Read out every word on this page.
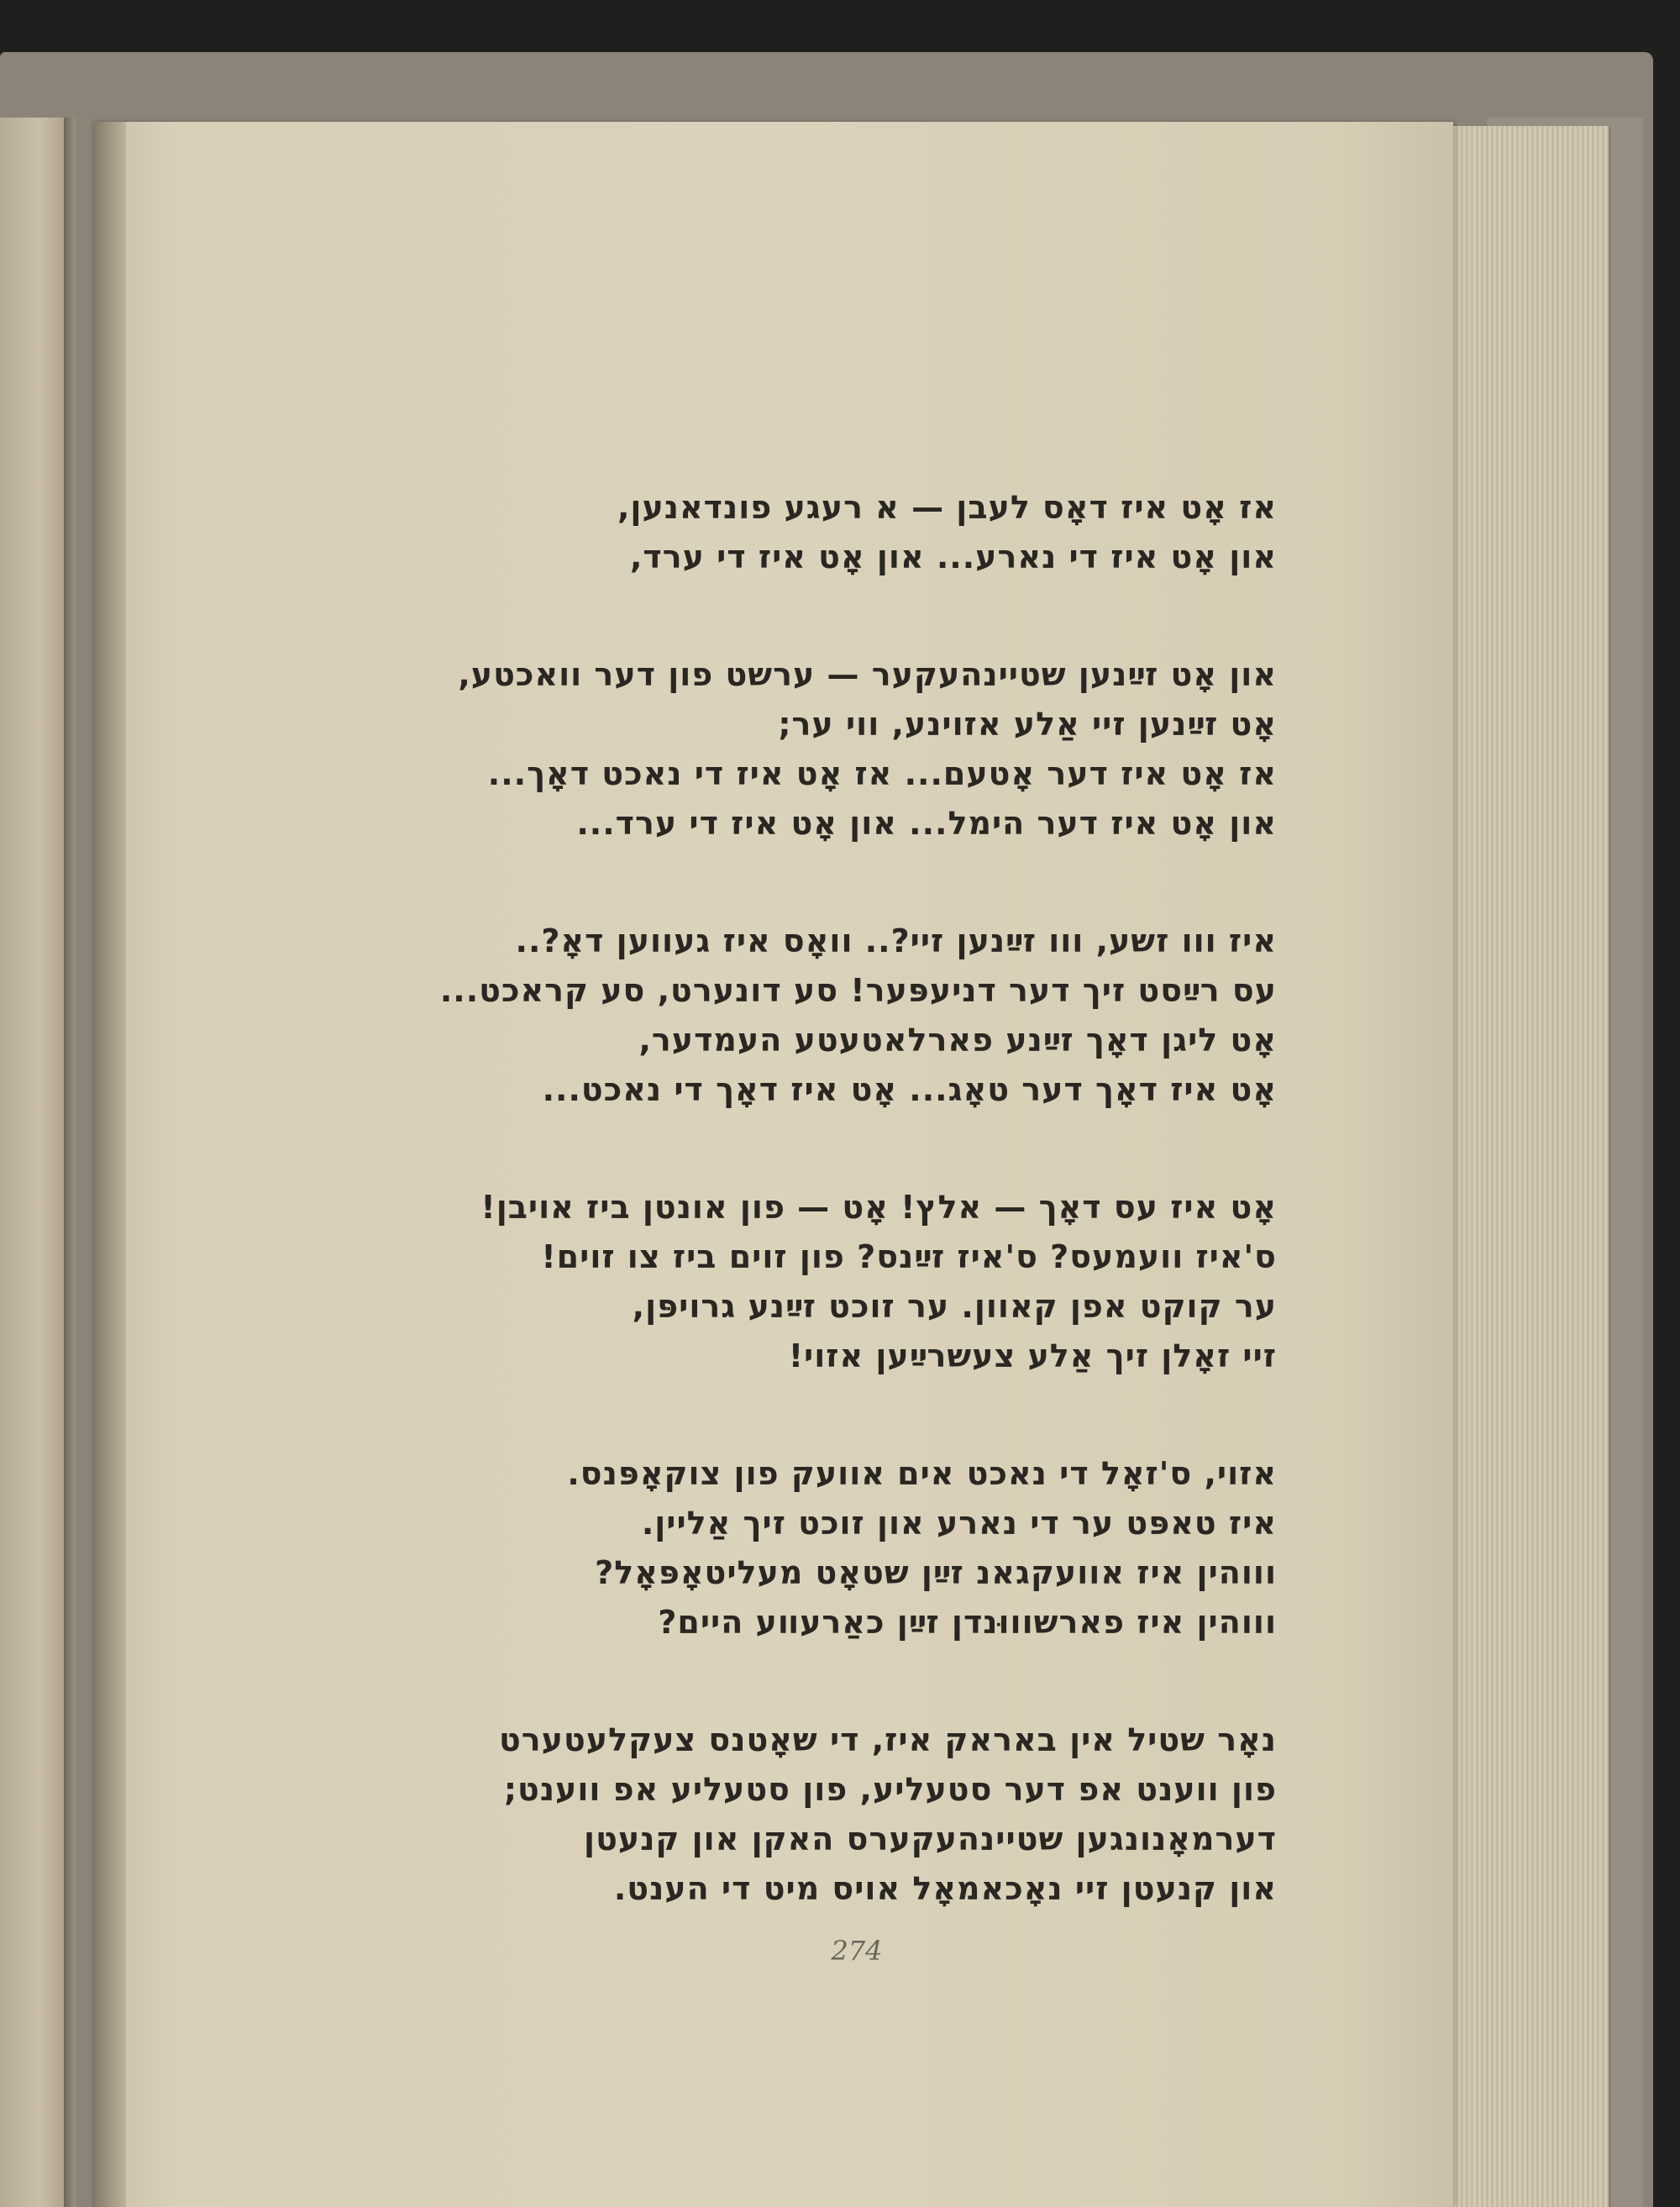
אז אָט איז דאָס לעבן — א רעגע פונדאנען,
און אָט איז די נארע... און אָט איז די ערד,
און אָט זײַנען שטיינהעקער — ערשט פון דער וואכטע,
אָט זײַנען זיי אַלע אזוינע, ווי ער;
אז אָט איז דער אָטעם... אז אָט איז די נאכט דאָך...
און אָט איז דער הימל... און אָט איז די ערד...
איז ווו זשע, ווו זײַנען זיי?.. וואָס איז געווען דאָ?..
עס רײַסט זיך דער דניעפּער! סע דונערט, סע קראכט...
אָט ליגן דאָך זײַנע פארלאטעטע העמדער,
אָט איז דאָך דער טאָג... אָט איז דאָך די נאכט...
אָט איז עס דאָך — אלץ! אָט — פון אונטן ביז אויבן!
ס'איז וועמעס? ס'איז זײַנס? פון זוים ביז צו זוים!
ער קוקט אפן קאוון. ער זוכט זײַנע גרויפּן,
זיי זאָלן זיך אַלע צעשרײַען אזוי!
אזוי, ס'זאָל די נאכט אים אוועק פון צוקאָפּנס.
איז טאפּט ער די נארע און זוכט זיך אַליין.
וווהין איז אוועקגאנ זײַן שטאָט מעליטאָפּאָל?
וווהין איז פארשוווּנדן זײַן כאַרעװע היים?
נאָר שטיל אין באראק איז, די שאָטנס צעקלעטערט
פון ווענט אפ דער סטעליע, פון סטעליע אפ ווענט;
דערמאָנונגען שטיינהעקערס האקן און קנעטן
און קנעטן זיי נאָכאמאָל אויס מיט די הענט.
274
